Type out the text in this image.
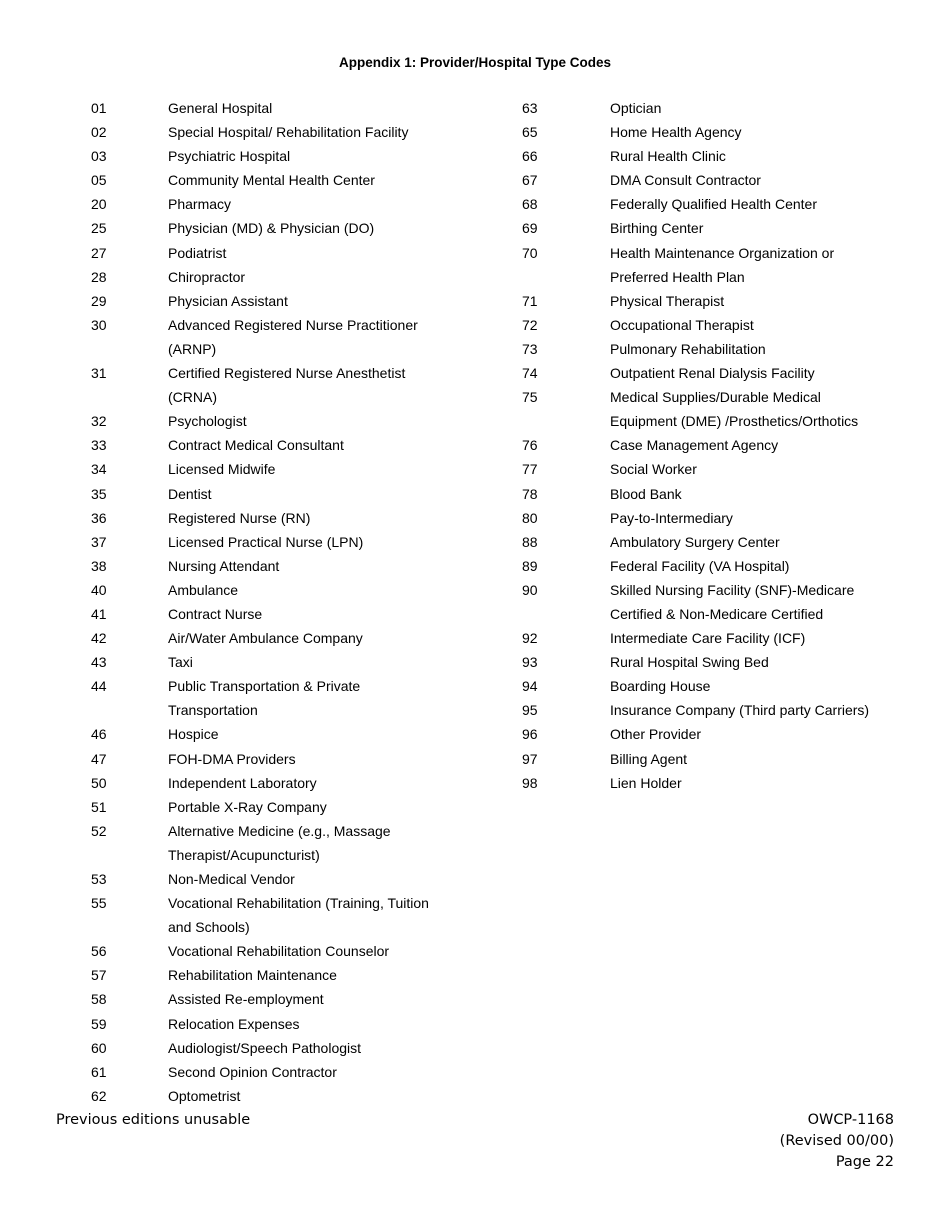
Appendix 1: Provider/Hospital Type Codes
01	General Hospital
02	Special Hospital/ Rehabilitation Facility
03	Psychiatric Hospital
05	Community Mental Health Center
20	Pharmacy
25	Physician (MD) & Physician (DO)
27	Podiatrist
28	Chiropractor
29	Physician Assistant
30	Advanced Registered Nurse Practitioner
(ARNP)
31	Certified Registered Nurse Anesthetist
(CRNA)
32	Psychologist
33	Contract Medical Consultant
34	Licensed Midwife
35	Dentist
36	Registered Nurse (RN)
37	Licensed Practical Nurse (LPN)
38	Nursing Attendant
40	Ambulance
41	Contract Nurse
42	Air/Water Ambulance Company
43	Taxi
44	Public Transportation & Private
Transportation
46	Hospice
47	FOH-DMA Providers
50	Independent Laboratory
51	Portable X-Ray Company
52	Alternative Medicine (e.g., Massage
Therapist/Acupuncturist)
53	Non-Medical Vendor
55	Vocational Rehabilitation (Training, Tuition
and Schools)
56	Vocational Rehabilitation Counselor
57	Rehabilitation Maintenance
58	Assisted Re-employment
59	Relocation Expenses
60	Audiologist/Speech Pathologist
61	Second Opinion Contractor
62	Optometrist
63	Optician
65	Home Health Agency
66	Rural Health Clinic
67	DMA Consult Contractor
68	Federally Qualified Health Center
69	Birthing Center
70	Health Maintenance Organization or
Preferred Health Plan
71	Physical Therapist
72	Occupational Therapist
73	Pulmonary Rehabilitation
74	Outpatient Renal Dialysis Facility
75	Medical Supplies/Durable Medical
Equipment (DME) /Prosthetics/Orthotics
76	Case Management Agency
77	Social Worker
78	Blood Bank
80	Pay-to-Intermediary
88	Ambulatory Surgery Center
89	Federal Facility (VA Hospital)
90	Skilled Nursing Facility (SNF)-Medicare
Certified & Non-Medicare Certified
92	Intermediate Care Facility (ICF)
93	Rural Hospital Swing Bed
94	Boarding House
95	Insurance Company (Third party Carriers)
96	Other Provider
97	Billing Agent
98	Lien Holder
Previous editions unusable	OWCP-1168
(Revised 00/00)
Page 22
